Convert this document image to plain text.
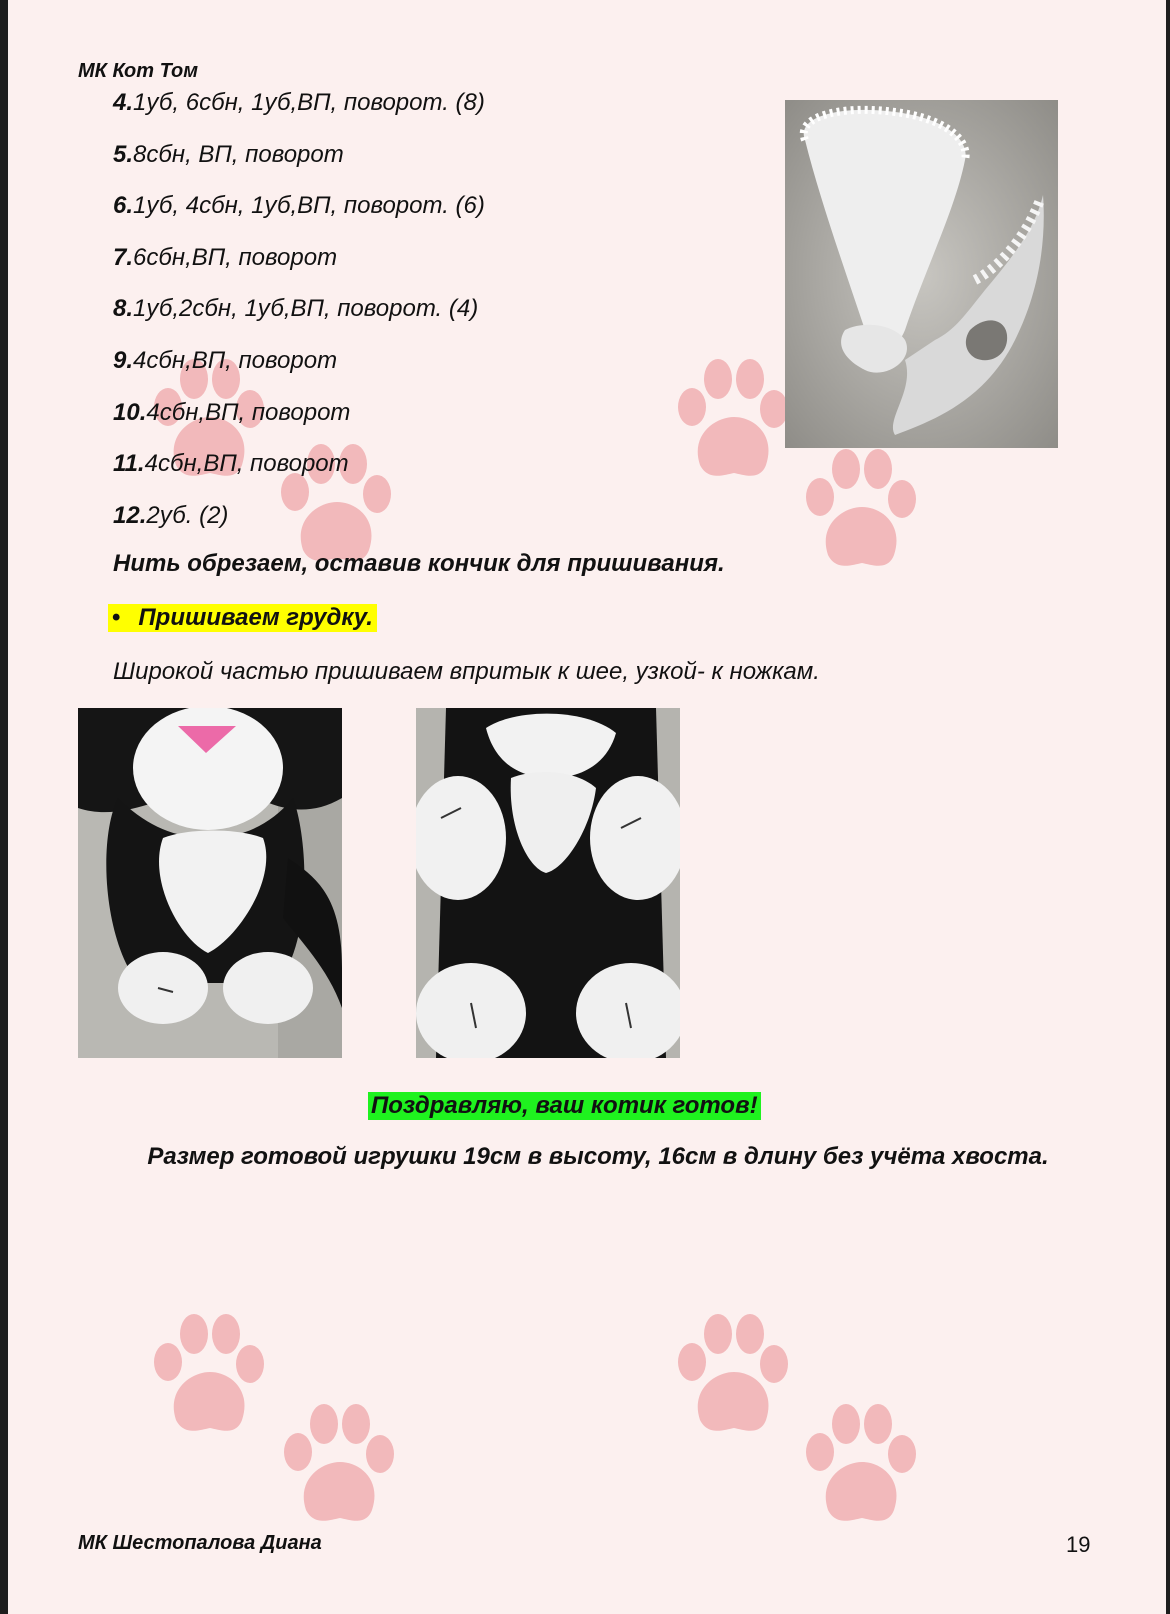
МК Кот Том
4.1уб, 6сбн, 1уб,ВП, поворот. (8)
5.8сбн, ВП, поворот
6.1уб, 4сбн, 1уб,ВП, поворот. (6)
7.6сбн,ВП, поворот
8.1уб,2сбн, 1уб,ВП, поворот. (4)
9.4сбн,ВП, поворот
10.4сбн,ВП, поворот
11.4сбн,ВП, поворот
12.2уб. (2)
Нить обрезаем, оставив кончик для пришивания.
• Пришиваем грудку.
Широкой частью пришиваем впритык к шее, узкой- к ножкам.
Поздравляю, ваш котик готов!
Размер готовой игрушки 19см в высоту, 16см в длину без учёта хвоста.
МК Шестопалова Диана	19
